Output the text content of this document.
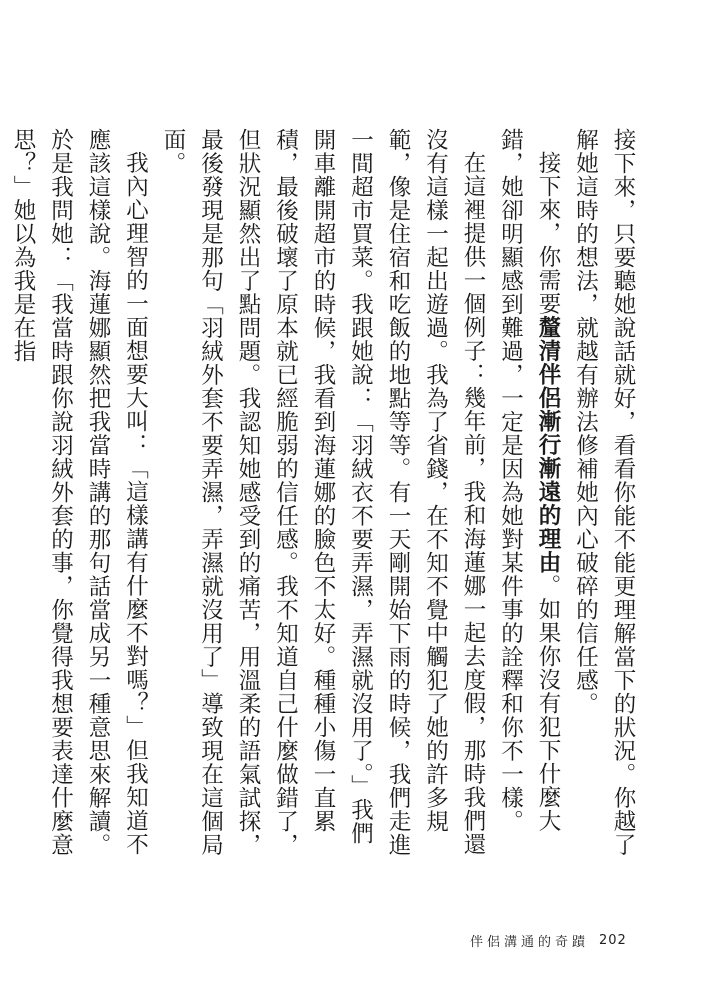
接下來，只要聽她說話就好，看看你能不能更理解當下的狀況。你越了解她這時的想法，就越有辦法修補她內心破碎的信任感。

接下來，你需要釐清伴侶漸行漸遠的理由。如果你沒有犯下什麼大錯，她卻明顯感到難過，一定是因為她對某件事的詮釋和你不一樣。

在這裡提供一個例子：幾年前，我和海蓮娜一起去度假，那時我們還沒有這樣一起出遊過。我為了省錢，在不知不覺中觸犯了她的許多規範，像是住宿和吃飯的地點等等。有一天剛開始下雨的時候，我們走進一間超市買菜。我跟她說：「羽絨衣不要弄濕，弄濕就沒用了。」我們開車離開超市的時候，我看到海蓮娜的臉色不太好。種種小傷一直累積，最後破壞了原本就已經脆弱的信任感。我不知道自己什麼做錯了，但狀況顯然出了點問題。我認知她感受到的痛苦，用溫柔的語氣試探，最後發現是那句「羽絨外套不要弄濕，弄濕就沒用了」導致現在這個局面。

我內心理智的一面想要大叫：「這樣講有什麼不對嗎？」但我知道不應該這樣說。海蓮娜顯然把我當時講的那句話當成另一種意思來解讀。於是我問她：「我當時跟你說羽絨外套的事，你覺得我想要表達什麼意思？」她以為我是在指

伴侶溝通的奇蹟 202
